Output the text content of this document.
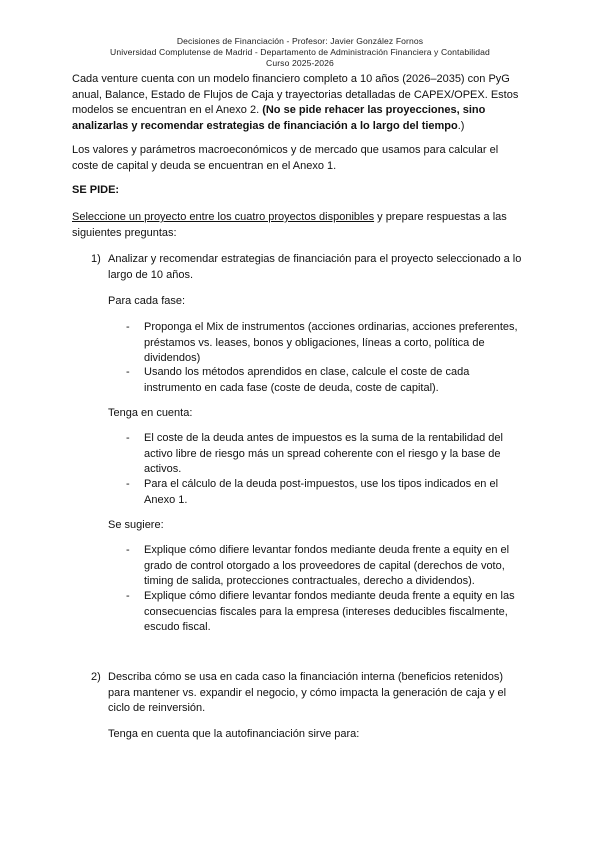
Decisiones de Financiación - Profesor: Javier González Fornos
Universidad Complutense de Madrid - Departamento de Administración Financiera y Contabilidad
Curso 2025-2026
Cada venture cuenta con un modelo financiero completo a 10 años (2026–2035) con PyG anual, Balance, Estado de Flujos de Caja y trayectorias detalladas de CAPEX/OPEX. Estos modelos se encuentran en el Anexo 2. (No se pide rehacer las proyecciones, sino analizarlas y recomendar estrategias de financiación a lo largo del tiempo.)
Los valores y parámetros macroeconómicos y de mercado que usamos para calcular el coste de capital y deuda se encuentran en el Anexo 1.
SE PIDE:
Seleccione un proyecto entre los cuatro proyectos disponibles y prepare respuestas a las siguientes preguntas:
1) Analizar y recomendar estrategias de financiación para el proyecto seleccionado a lo largo de 10 años.
Para cada fase:
- Proponga el Mix de instrumentos (acciones ordinarias, acciones preferentes, préstamos vs. leases, bonos y obligaciones, líneas a corto, política de dividendos)
- Usando los métodos aprendidos en clase, calcule el coste de cada instrumento en cada fase (coste de deuda, coste de capital).
Tenga en cuenta:
- El coste de la deuda antes de impuestos es la suma de la rentabilidad del activo libre de riesgo más un spread coherente con el riesgo y la base de activos.
- Para el cálculo de la deuda post-impuestos, use los tipos indicados en el Anexo 1.
Se sugiere:
- Explique cómo difiere levantar fondos mediante deuda frente a equity en el grado de control otorgado a los proveedores de capital (derechos de voto, timing de salida, protecciones contractuales, derecho a dividendos).
- Explique cómo difiere levantar fondos mediante deuda frente a equity en las consecuencias fiscales para la empresa (intereses deducibles fiscalmente, escudo fiscal.
2) Describa cómo se usa en cada caso la financiación interna (beneficios retenidos) para mantener vs. expandir el negocio, y cómo impacta la generación de caja y el ciclo de reinversión.
Tenga en cuenta que la autofinanciación sirve para:
